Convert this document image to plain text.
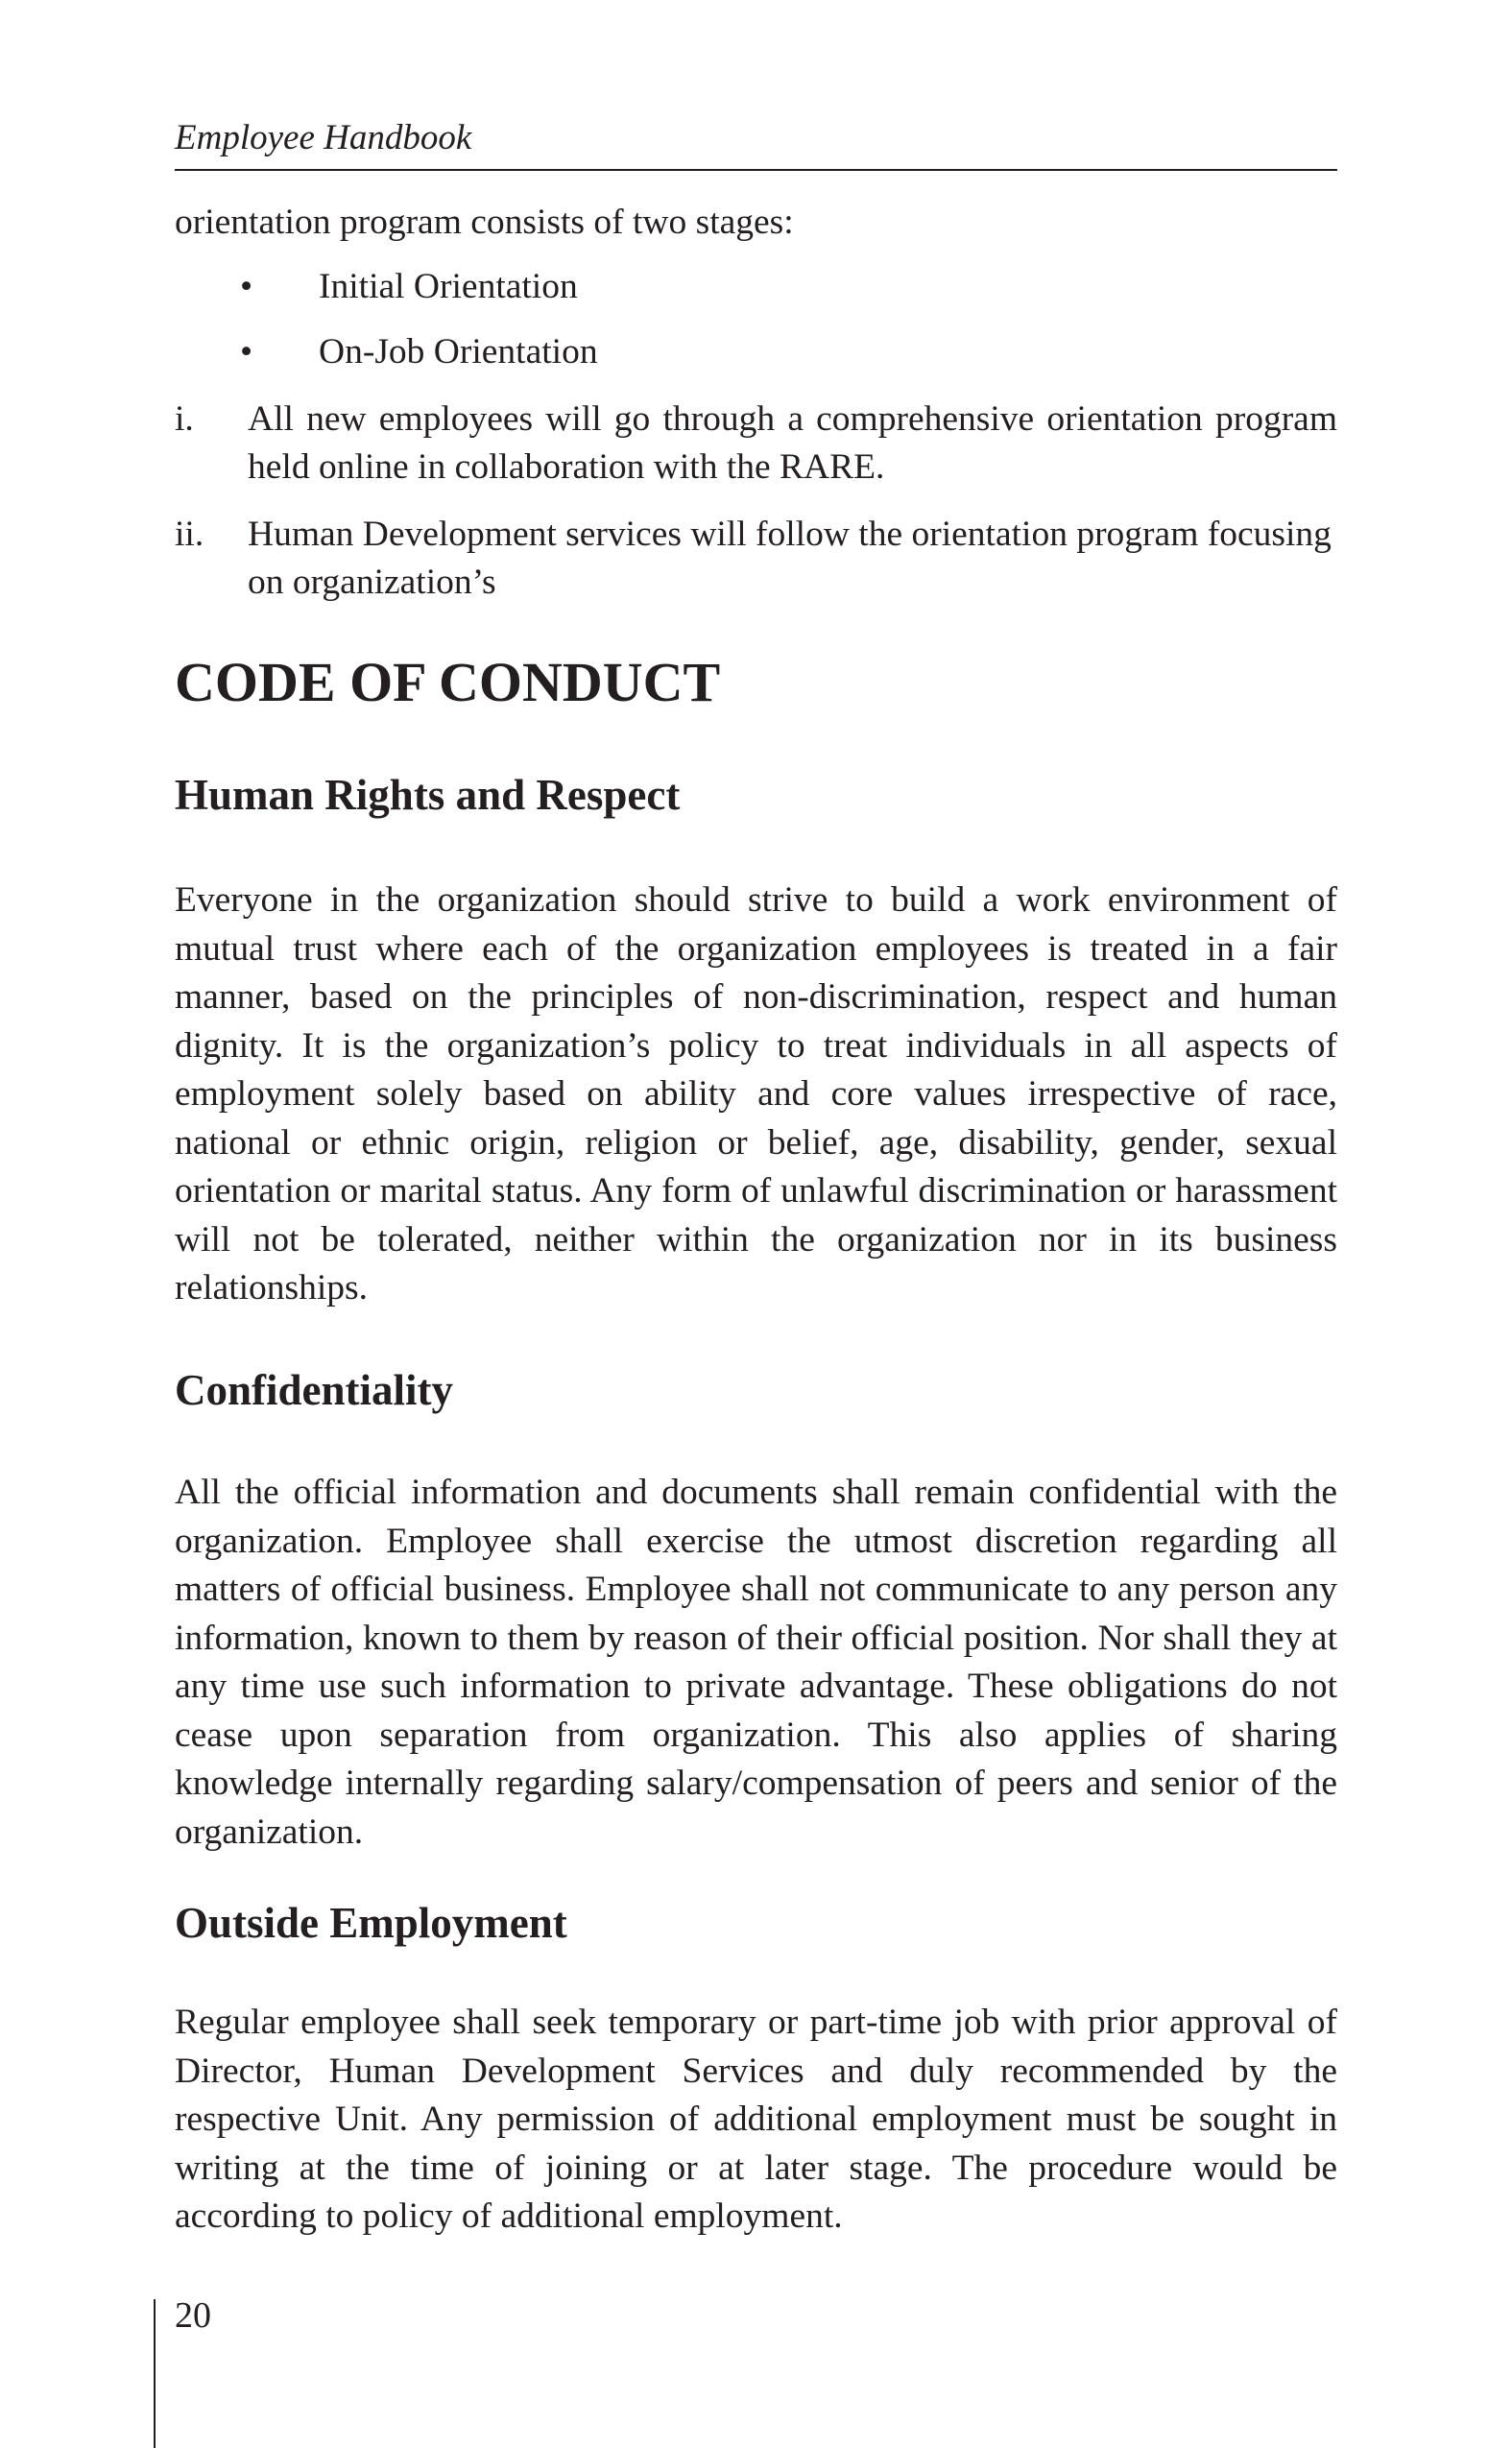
Employee Handbook
orientation program consists of two stages:
• Initial Orientation
• On-Job Orientation
i. All new employees will go through a comprehensive orientation program held online in collaboration with the RARE.
ii. Human Development services will follow the orientation program focusing on organization’s
CODE OF CONDUCT
Human Rights and Respect
Everyone in the organization should strive to build a work environment of mutual trust where each of the organization employees is treated in a fair manner, based on the principles of non-discrimination, respect and human dignity. It is the organization’s policy to treat individuals in all aspects of employment solely based on ability and core values irrespective of race, national or ethnic origin, religion or belief, age, disability, gender, sexual orientation or marital status. Any form of unlawful discrimination or harassment will not be tolerated, neither within the organization nor in its business relationships.
Confidentiality
All the official information and documents shall remain confidential with the organization. Employee shall exercise the utmost discretion regarding all matters of official business. Employee shall not communicate to any person any information, known to them by reason of their official position. Nor shall they at any time use such information to private advantage. These obligations do not cease upon separation from organization. This also applies of sharing knowledge internally regarding salary/compensation of peers and senior of the organization.
Outside Employment
Regular employee shall seek temporary or part-time job with prior approval of Director, Human Development Services and duly recommended by the respective Unit. Any permission of additional employment must be sought in writing at the time of joining or at later stage. The procedure would be according to policy of additional employment.
20
